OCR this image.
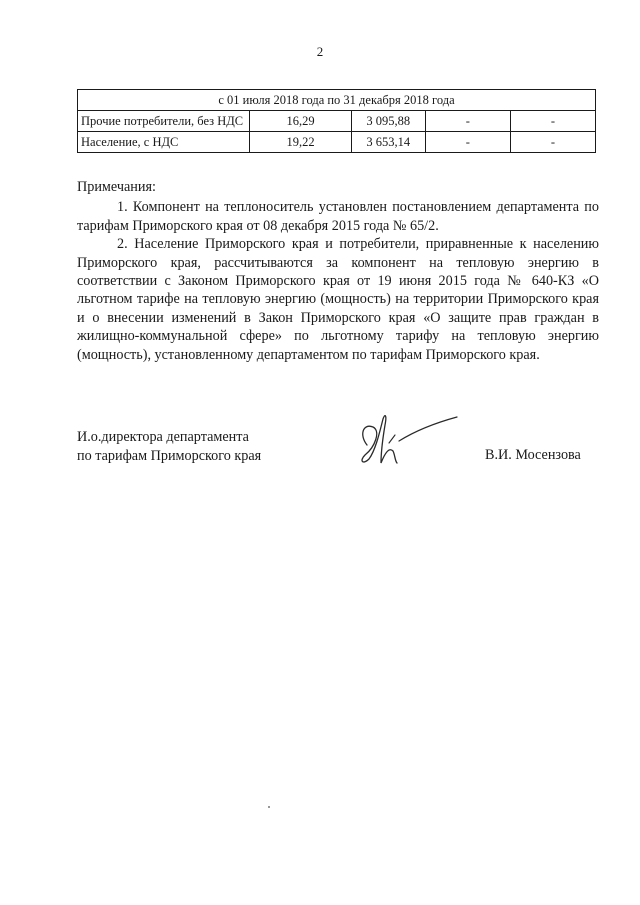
2
с 01 июля 2018 года по 31 декабря 2018 года				
Прочие потребители, без НДС	16,29	3 095,88	-	-
Население, с НДС	19,22	3 653,14	-	-

Примечания:

1. Компонент на теплоноситель установлен постановлением департамента по тарифам Приморского края от 08 декабря 2015 года № 65/2.

2. Население Приморского края и потребители, приравненные к населению Приморского края, рассчитываются за компонент на тепловую энергию в соответствии с Законом Приморского края от 19 июня 2015 года № 640-КЗ «О льготном тарифе на тепловую энергию (мощность) на территории Приморского края и о внесении изменений в Закон Приморского края «О защите прав граждан в жилищно-коммунальной сфере» по льготному тарифу на тепловую энергию (мощность), установленному департаментом по тарифам Приморского края.

И.о.директора департамента
по тарифам Приморского края	В.И. Мосензова
